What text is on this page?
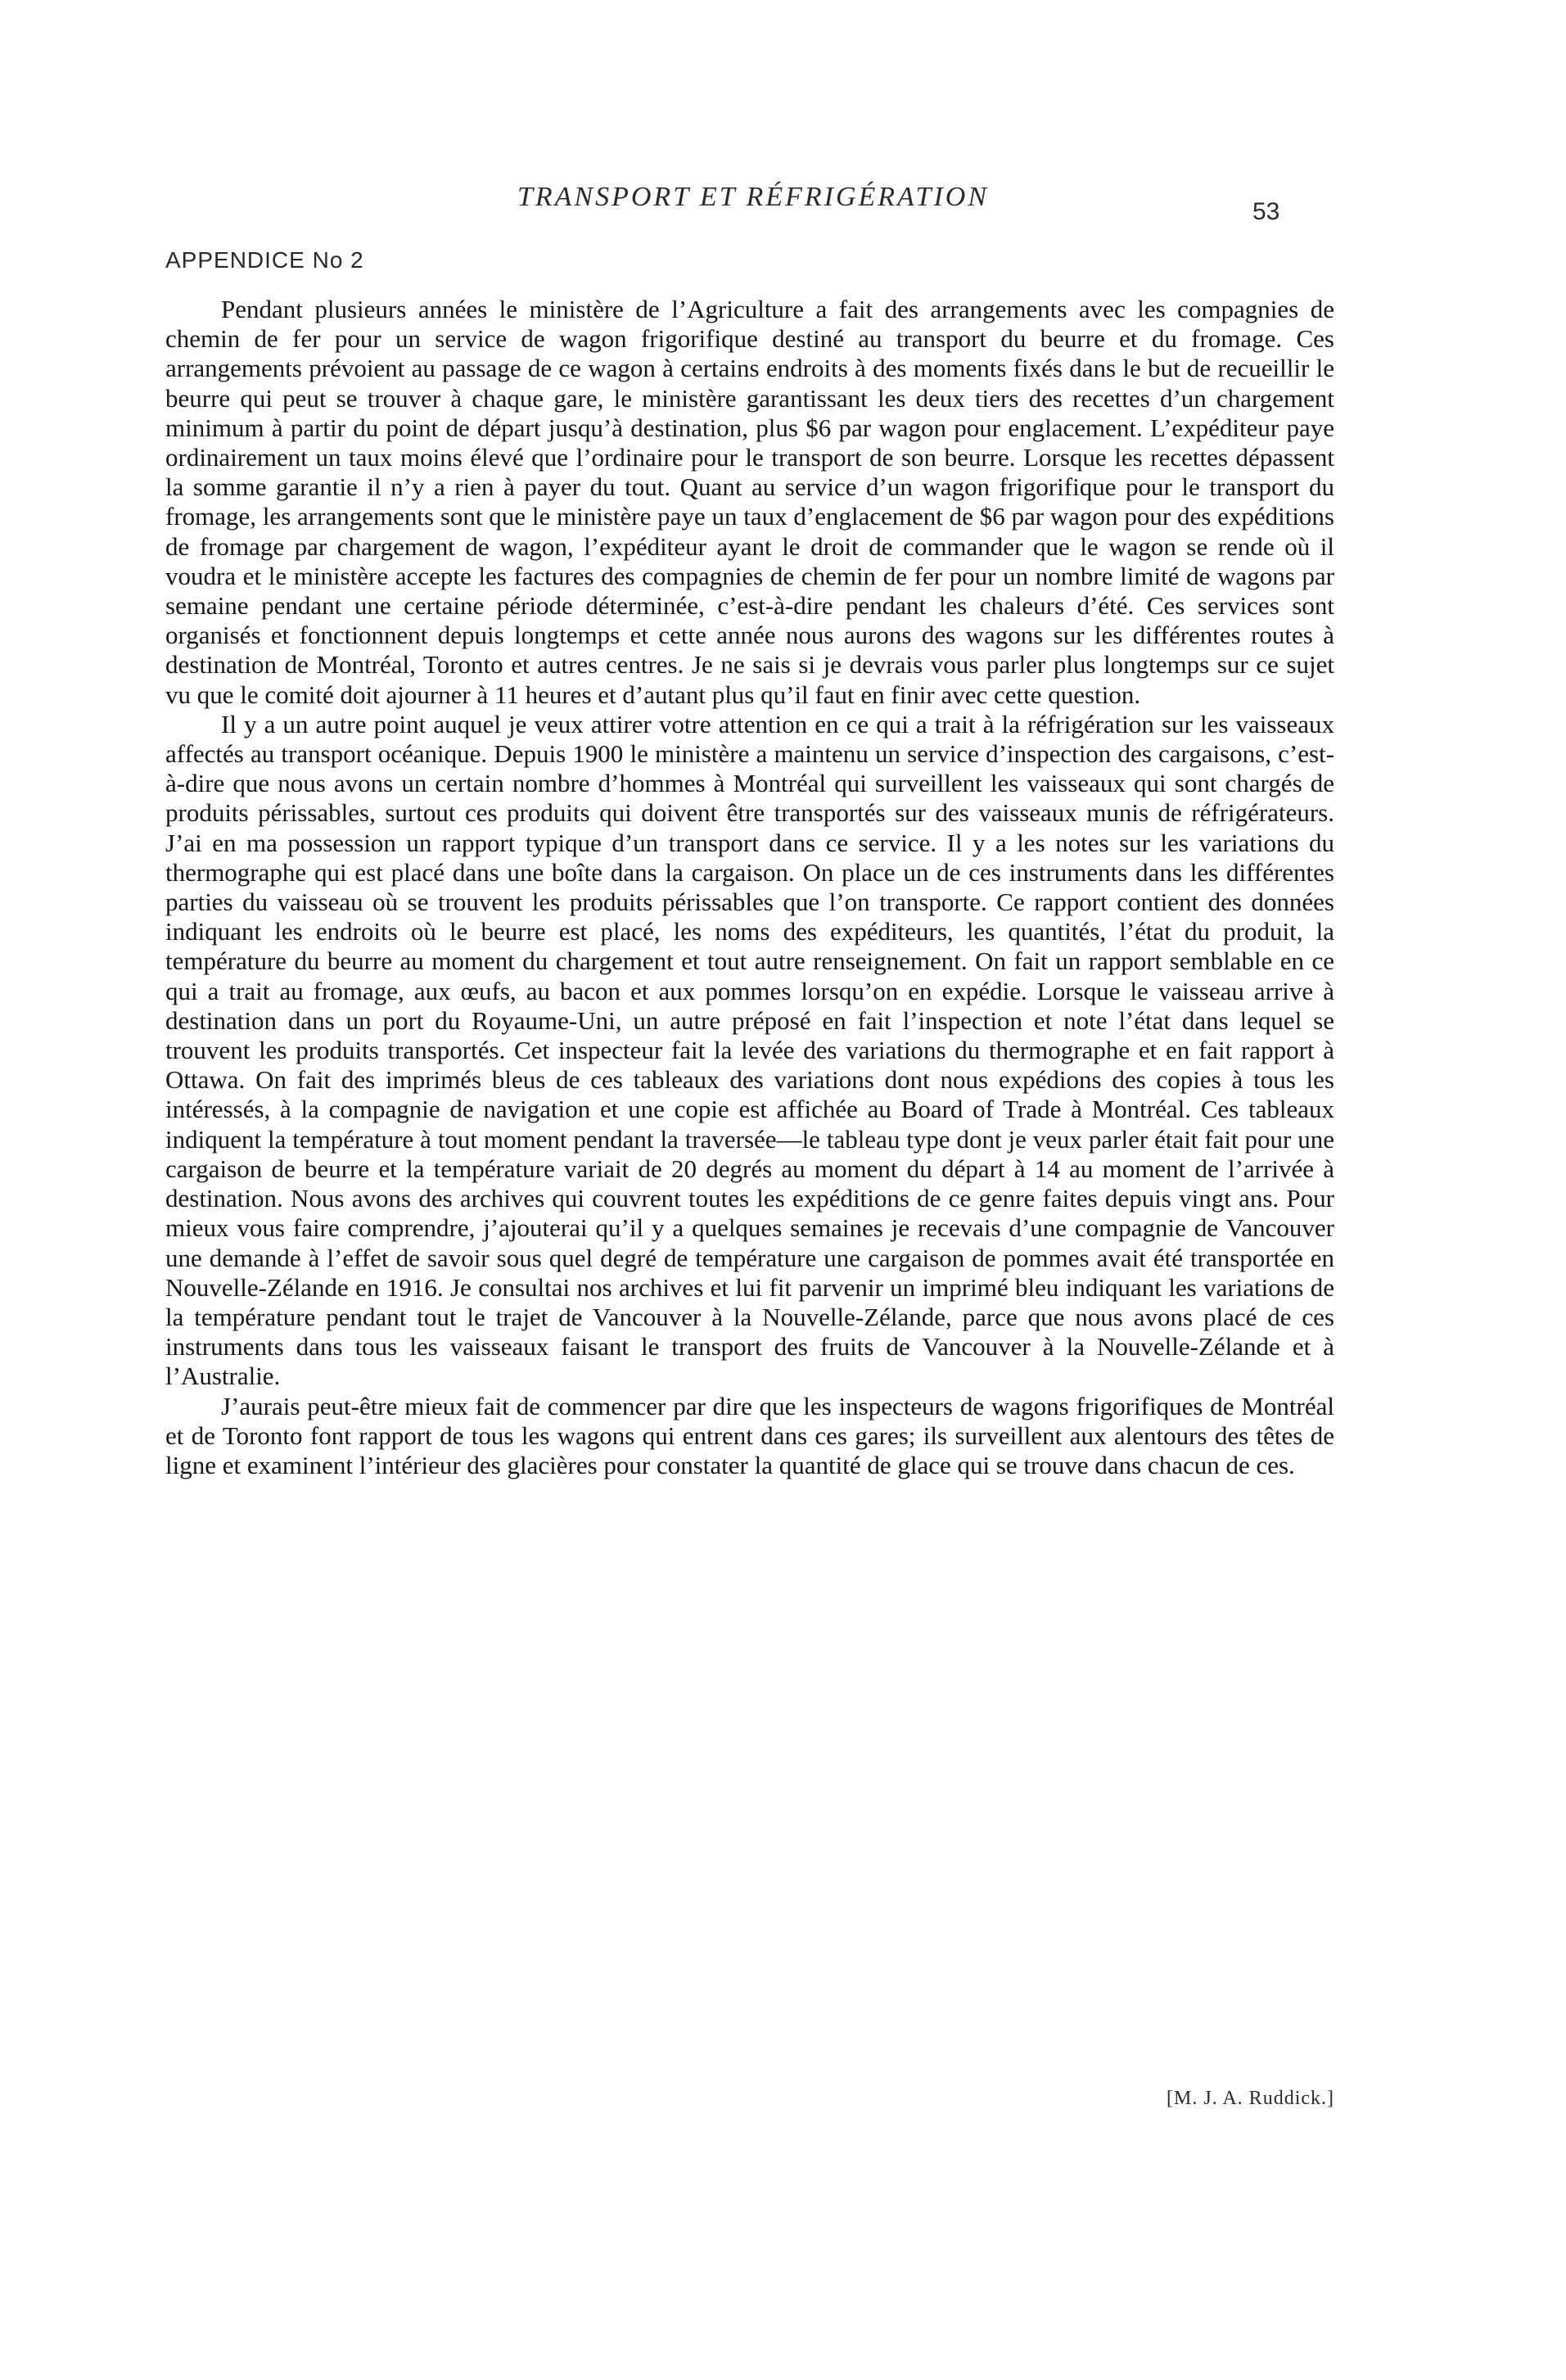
TRANSPORT ET RÉFRIGÉRATION	53
APPENDICE No 2

Pendant plusieurs années le ministère de l’Agriculture a fait des arrangements avec les compagnies de chemin de fer pour un service de wagon frigorifique destiné au transport du beurre et du fromage. Ces arrangements prévoient au passage de ce wagon à certains endroits à des moments fixés dans le but de recueillir le beurre qui peut se trouver à chaque gare, le ministère garantissant les deux tiers des recettes d’un chargement minimum à partir du point de départ jusqu’à destination, plus $6 par wagon pour englacement. L’expéditeur paye ordinairement un taux moins élevé que l’ordinaire pour le transport de son beurre. Lorsque les recettes dépassent la somme garantie il n’y a rien à payer du tout. Quant au service d’un wagon frigorifique pour le transport du fromage, les arrangements sont que le ministère paye un taux d’englacement de $6 par wagon pour des expéditions de fromage par chargement de wagon, l’expéditeur ayant le droit de commander que le wagon se rende où il voudra et le ministère accepte les factures des compagnies de chemin de fer pour un nombre limité de wagons par semaine pendant une certaine période déterminée, c’est-à-dire pendant les chaleurs d’été. Ces services sont organisés et fonctionnent depuis longtemps et cette année nous aurons des wagons sur les différentes routes à destination de Montréal, Toronto et autres centres. Je ne sais si je devrais vous parler plus longtemps sur ce sujet vu que le comité doit ajourner à 11 heures et d’autant plus qu’il faut en finir avec cette question.

Il y a un autre point auquel je veux attirer votre attention en ce qui a trait à la réfrigération sur les vaisseaux affectés au transport océanique. Depuis 1900 le ministère a maintenu un service d’inspection des cargaisons, c’est-à-dire que nous avons un certain nombre d’hommes à Montréal qui surveillent les vaisseaux qui sont chargés de produits périssables, surtout ces produits qui doivent être transportés sur des vaisseaux munis de réfrigérateurs. J’ai en ma possession un rapport typique d’un transport dans ce service. Il y a les notes sur les variations du thermographe qui est placé dans une boîte dans la cargaison. On place un de ces instruments dans les différentes parties du vaisseau où se trouvent les produits périssables que l’on transporte. Ce rapport contient des données indiquant les endroits où le beurre est placé, les noms des expéditeurs, les quantités, l’état du produit, la température du beurre au moment du chargement et tout autre renseignement. On fait un rapport semblable en ce qui a trait au fromage, aux œufs, au bacon et aux pommes lorsqu’on en expédie. Lorsque le vaisseau arrive à destination dans un port du Royaume-Uni, un autre préposé en fait l’inspection et note l’état dans lequel se trouvent les produits transportés. Cet inspecteur fait la levée des variations du thermographe et en fait rapport à Ottawa. On fait des imprimés bleus de ces tableaux des variations dont nous expédions des copies à tous les intéressés, à la compagnie de navigation et une copie est affichée au Board of Trade à Montréal. Ces tableaux indiquent la température à tout moment pendant la traversée—le tableau type dont je veux parler était fait pour une cargaison de beurre et la température variait de 20 degrés au moment du départ à 14 au moment de l’arrivée à destination. Nous avons des archives qui couvrent toutes les expéditions de ce genre faites depuis vingt ans. Pour mieux vous faire comprendre, j’ajouterai qu’il y a quelques semaines je recevais d’une compagnie de Vancouver une demande à l’effet de savoir sous quel degré de température une cargaison de pommes avait été transportée en Nouvelle-Zélande en 1916. Je consultai nos archives et lui fit parvenir un imprimé bleu indiquant les variations de la température pendant tout le trajet de Vancouver à la Nouvelle-Zélande, parce que nous avons placé de ces instruments dans tous les vaisseaux faisant le transport des fruits de Vancouver à la Nouvelle-Zélande et à l’Australie.

J’aurais peut-être mieux fait de commencer par dire que les inspecteurs de wagons frigorifiques de Montréal et de Toronto font rapport de tous les wagons qui entrent dans ces gares; ils surveillent aux alentours des têtes de ligne et examinent l’intérieur des glacières pour constater la quantité de glace qui se trouve dans chacun de ces.

[M. J. A. Ruddick.]
